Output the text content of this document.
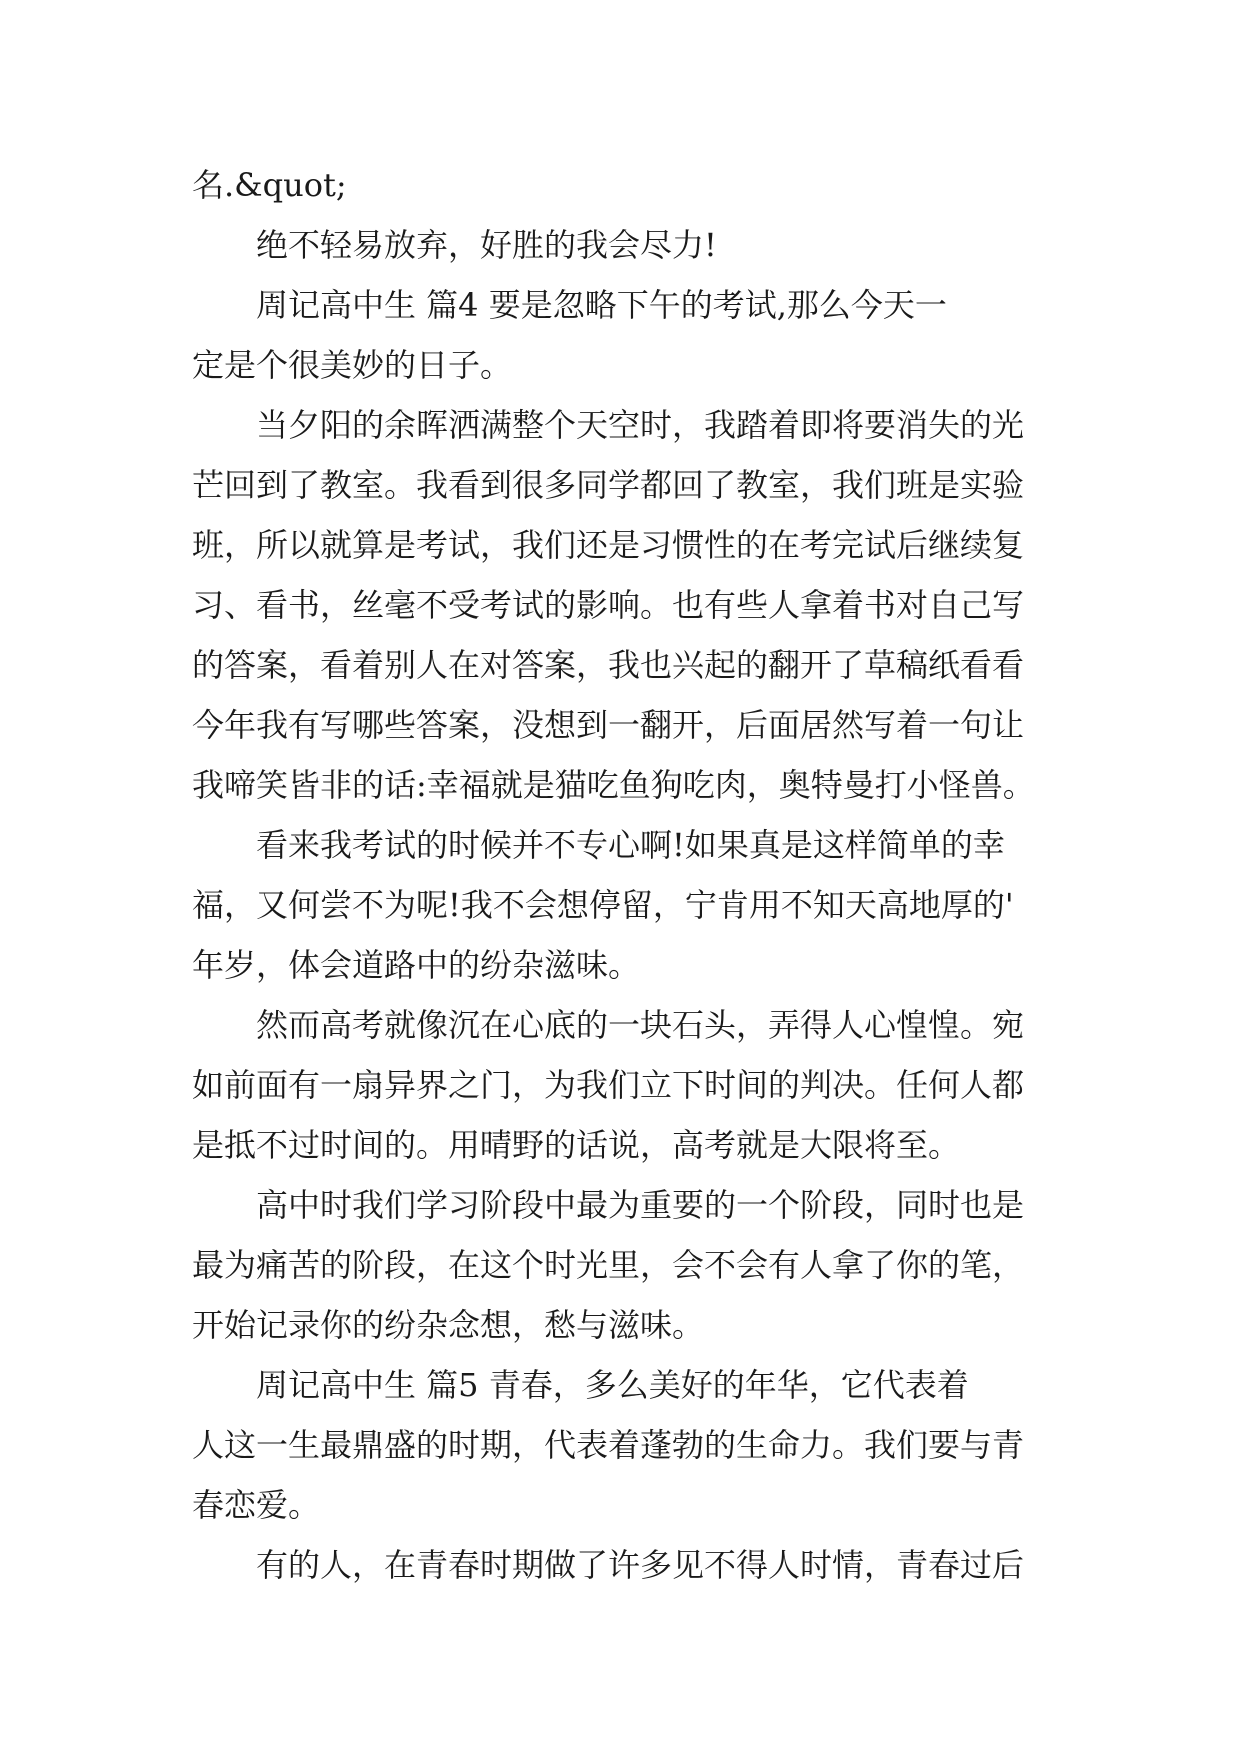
名.&quot;
绝不轻易放弃，好胜的我会尽力!
周记高中生 篇4 要是忽略下午的考试,那么今天一
定是个很美妙的日子。
当夕阳的余晖洒满整个天空时，我踏着即将要消失的光
芒回到了教室。我看到很多同学都回了教室，我们班是实验
班，所以就算是考试，我们还是习惯性的在考完试后继续复
习、看书，丝毫不受考试的影响。也有些人拿着书对自己写
的答案，看着别人在对答案，我也兴起的翻开了草稿纸看看
今年我有写哪些答案，没想到一翻开，后面居然写着一句让
我啼笑皆非的话:幸福就是猫吃鱼狗吃肉，奥特曼打小怪兽。
看来我考试的时候并不专心啊!如果真是这样简单的幸
福，又何尝不为呢!我不会想停留，宁肯用不知天高地厚的'
年岁，体会道路中的纷杂滋味。
然而高考就像沉在心底的一块石头，弄得人心惶惶。宛
如前面有一扇异界之门，为我们立下时间的判决。任何人都
是抵不过时间的。用晴野的话说，高考就是大限将至。
高中时我们学习阶段中最为重要的一个阶段，同时也是
最为痛苦的阶段，在这个时光里，会不会有人拿了你的笔，
开始记录你的纷杂念想，愁与滋味。
周记高中生 篇5 青春，多么美好的年华，它代表着
人这一生最鼎盛的时期，代表着蓬勃的生命力。我们要与青
春恋爱。
有的人，在青春时期做了许多见不得人时情，青春过后
